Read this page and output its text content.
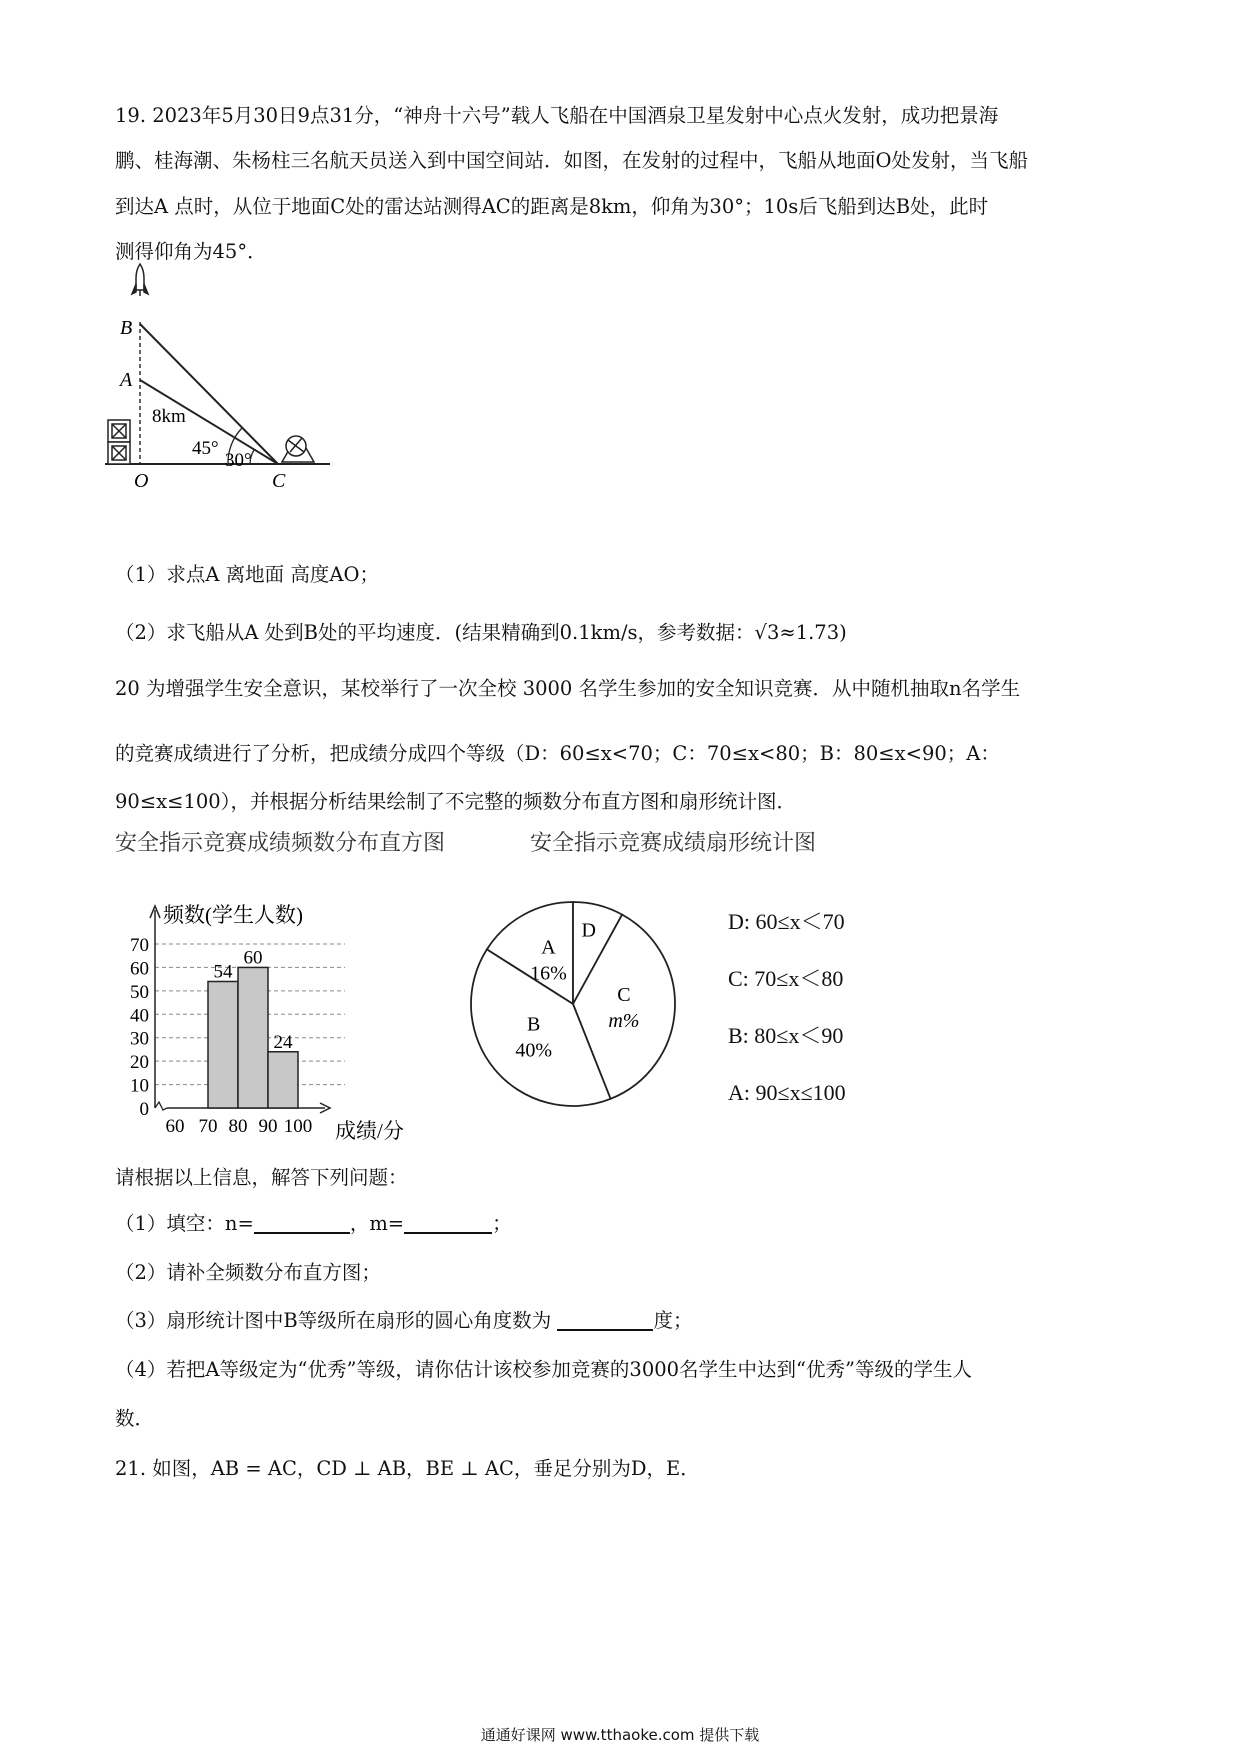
19. 2023年5月30日9点31分，“神舟十六号”载人飞船在中国酒泉卫星发射中心点火发射，成功把景海
鹏、桂海潮、朱杨柱三名航天员送入到中国空间站．如图，在发射的过程中，飞船从地面O处发射，当飞船
到达A 点时，从位于地面C处的雷达站测得AC的距离是8km，仰角为30°；10s后飞船到达B处，此时
测得仰角为45°．
B
A
8km
45°
30°
O	C
（1）求点A 离地面 高度AO；
（2）求飞船从A 处到B处的平均速度．(结果精确到0.1km/s，参考数据：√3≈1.73)
20 为增强学生安全意识，某校举行了一次全校 3000 名学生参加的安全知识竞赛．从中随机抽取n名学生
的竞赛成绩进行了分析，把成绩分成四个等级（D：60≤x<70；C：70≤x<80；B：80≤x<90；A：
90≤x≤100），并根据分析结果绘制了不完整的频数分布直方图和扇形统计图．
安全指示竞赛成绩频数分布直方图	安全指示竞赛成绩扇形统计图
0
10
20
30
40
50
60
70
频数(学生人数)
成绩/分
60 70 80 90 100
54
60
24
A
16%
D
C
m%
B
40%
D: 60≤x＜70
C: 70≤x＜80
B: 80≤x＜90
A: 90≤x≤100
请根据以上信息，解答下列问题：
（1）填空：n=	，m=	；
（2）请补全频数分布直方图；
（3）扇形统计图中B等级所在扇形的圆心角度数为	度；
（4）若把A等级定为“优秀”等级，请你估计该校参加竞赛的3000名学生中达到“优秀”等级的学生人
数．
21. 如图，AB = AC，CD ⊥ AB，BE ⊥ AC，垂足分别为D，E．
通通好课网 www.tthaoke.com 提供下载
